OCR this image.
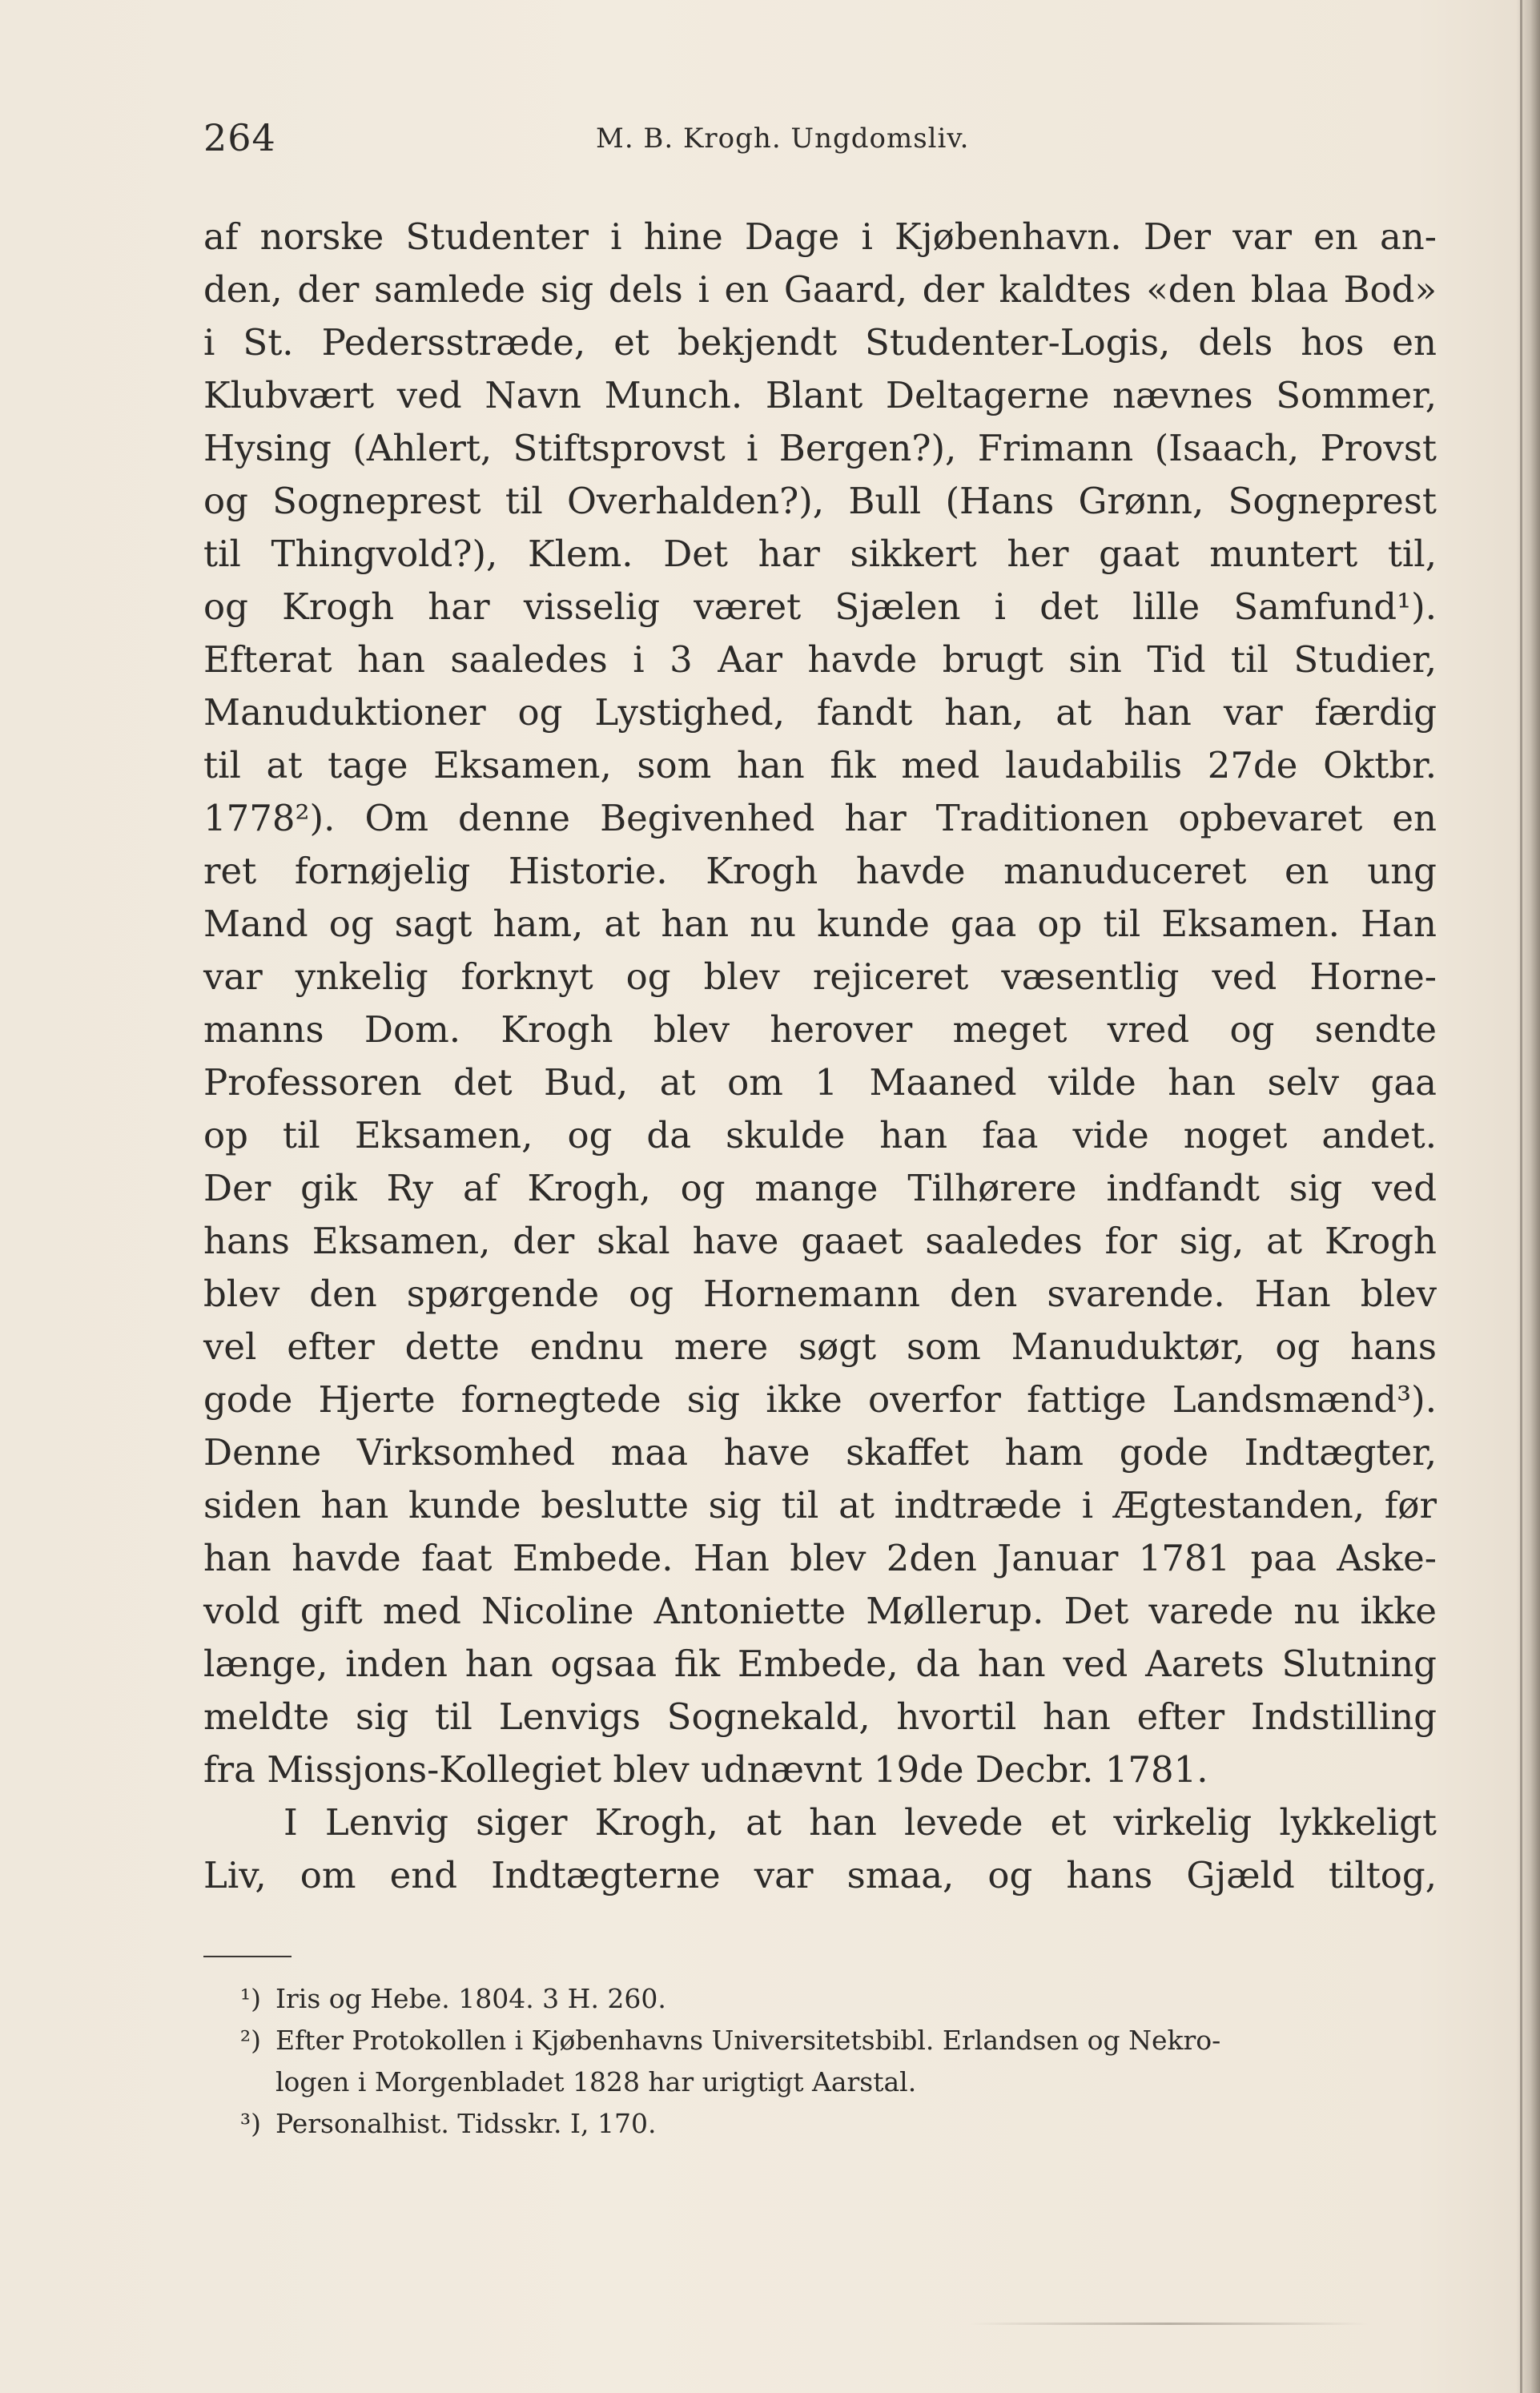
264	M. B. Krogh. Ungdomsliv.
af norske Studenter i hine Dage i Kjøbenhavn. Der var en an-
den, der samlede sig dels i en Gaard, der kaldtes «den blaa Bod»
i St. Pedersstræde, et bekjendt Studenter-Logis, dels hos en
Klubvært ved Navn Munch. Blant Deltagerne nævnes Sommer,
Hysing (Ahlert, Stiftsprovst i Bergen?), Frimann (Isaach, Provst
og Sogneprest til Overhalden?), Bull (Hans Grønn, Sogneprest
til Thingvold?), Klem. Det har sikkert her gaat muntert til,
og Krogh har visselig været Sjælen i det lille Samfund¹).
Efterat han saaledes i 3 Aar havde brugt sin Tid til Studier,
Manuduktioner og Lystighed, fandt han, at han var færdig
til at tage Eksamen, som han fik med laudabilis 27de Oktbr.
1778²). Om denne Begivenhed har Traditionen opbevaret en
ret fornøjelig Historie. Krogh havde manuduceret en ung
Mand og sagt ham, at han nu kunde gaa op til Eksamen. Han
var ynkelig forknyt og blev rejiceret væsentlig ved Horne-
manns Dom. Krogh blev herover meget vred og sendte
Professoren det Bud, at om 1 Maaned vilde han selv gaa
op til Eksamen, og da skulde han faa vide noget andet.
Der gik Ry af Krogh, og mange Tilhørere indfandt sig ved
hans Eksamen, der skal have gaaet saaledes for sig, at Krogh
blev den spørgende og Hornemann den svarende. Han blev
vel efter dette endnu mere søgt som Manuduktør, og hans
gode Hjerte fornegtede sig ikke overfor fattige Landsmænd³).
Denne Virksomhed maa have skaffet ham gode Indtægter,
siden han kunde beslutte sig til at indtræde i Ægtestanden, før
han havde faat Embede. Han blev 2den Januar 1781 paa Aske-
vold gift med Nicoline Antoniette Møllerup. Det varede nu ikke
længe, inden han ogsaa fik Embede, da han ved Aarets Slutning
meldte sig til Lenvigs Sognekald, hvortil han efter Indstilling
fra Missjons-Kollegiet blev udnævnt 19de Decbr. 1781.
I Lenvig siger Krogh, at han levede et virkelig lykkeligt
Liv, om end Indtægterne var smaa, og hans Gjæld tiltog,
¹) Iris og Hebe. 1804. 3 H. 260.
²) Efter Protokollen i Kjøbenhavns Universitetsbibl. Erlandsen og Nekro-
logen i Morgenbladet 1828 har urigtigt Aarstal.
³) Personalhist. Tidsskr. I, 170.
